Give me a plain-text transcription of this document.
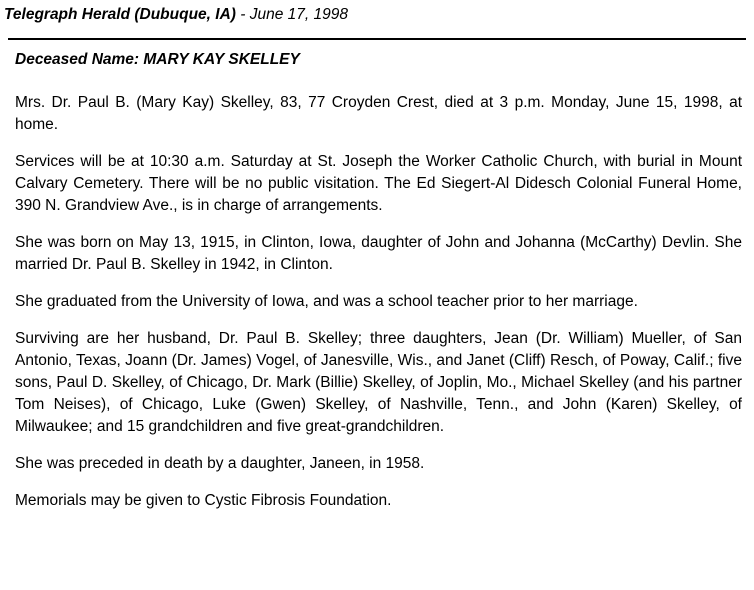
Telegraph Herald (Dubuque, IA) - June 17, 1998
Deceased Name: MARY KAY SKELLEY

Mrs. Dr. Paul B. (Mary Kay) Skelley, 83, 77 Croyden Crest, died at 3 p.m. Monday, June 15, 1998, at home.

Services will be at 10:30 a.m. Saturday at St. Joseph the Worker Catholic Church, with burial in Mount Calvary Cemetery. There will be no public visitation. The Ed Siegert-Al Didesch Colonial Funeral Home, 390 N. Grandview Ave., is in charge of arrangements.

She was born on May 13, 1915, in Clinton, Iowa, daughter of John and Johanna (McCarthy) Devlin. She married Dr. Paul B. Skelley in 1942, in Clinton.

She graduated from the University of Iowa, and was a school teacher prior to her marriage.

Surviving are her husband, Dr. Paul B. Skelley; three daughters, Jean (Dr. William) Mueller, of San Antonio, Texas, Joann (Dr. James) Vogel, of Janesville, Wis., and Janet (Cliff) Resch, of Poway, Calif.; five sons, Paul D. Skelley, of Chicago, Dr. Mark (Billie) Skelley, of Joplin, Mo., Michael Skelley (and his partner Tom Neises), of Chicago, Luke (Gwen) Skelley, of Nashville, Tenn., and John (Karen) Skelley, of Milwaukee; and 15 grandchildren and five great-grandchildren.

She was preceded in death by a daughter, Janeen, in 1958.

Memorials may be given to Cystic Fibrosis Foundation.
